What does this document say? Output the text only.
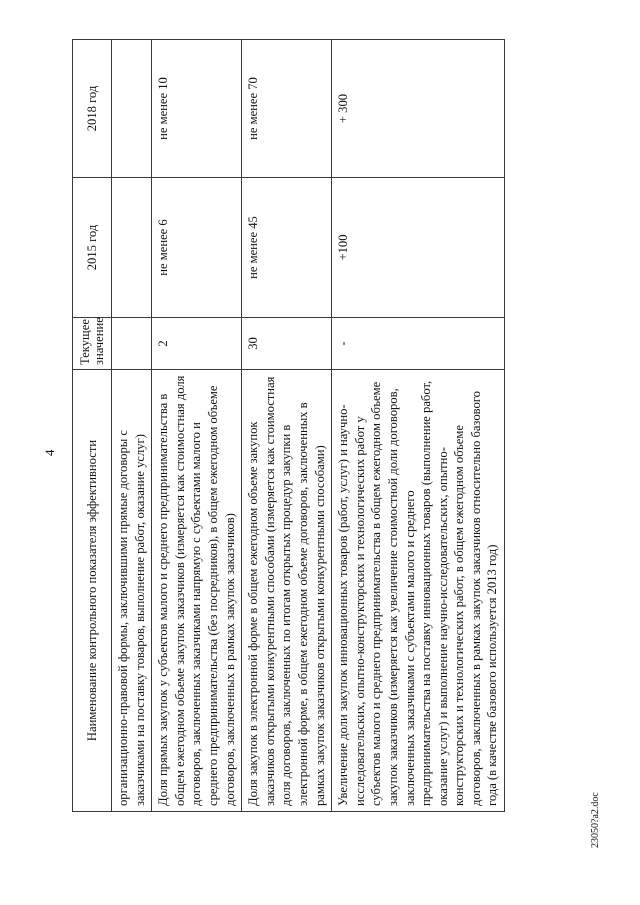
4 Наименование контрольного показателя эффективности	Текущее значение	2015 год	2018 год
организационно-правовой формы, заключившими прямые договоры с заказчиками на поставку товаров, выполнение работ, оказание услуг)			
Доля прямых закупок у субъектов малого и среднего предпринимательства в общем ежегодном объеме закупок заказчиков (измеряется как стоимостная доля договоров, заключенных заказчиками напрямую с субъектами малого и среднего предпринимательства (без посредников), в общем ежегодном объеме договоров, заключенных в рамках закупок заказчиков)	2	не менее 6	не менее 10
Доля закупок в электронной форме в общем ежегодном объеме закупок заказчиков открытыми конкурентными способами (измеряется как стоимостная доля договоров, заключенных по итогам открытых процедур закупки в электронной форме, в общем ежегодном объеме договоров, заключенных в рамках закупок заказчиков открытыми конкурентными способами)	30	не менее 45	не менее 70
Увеличение доли закупок инновационных товаров (работ, услуг) и научно-исследовательских, опытно-конструкторских и технологических работ у субъектов малого и среднего предпринимательства в общем ежегодном объеме закупок заказчиков (измеряется как увеличение стоимостной доли договоров, заключенных заказчиками с субъектами малого и среднего предпринимательства на поставку инновационных товаров (выполнение работ, оказание услуг) и выполнение научно-исследовательских, опытно-конструкторских и технологических работ, в общем ежегодном объеме договоров, заключенных в рамках закупок заказчиков относительно базового года (в качестве базового используется 2013 год)	-	+100	+ 300
23050?а2.doc
